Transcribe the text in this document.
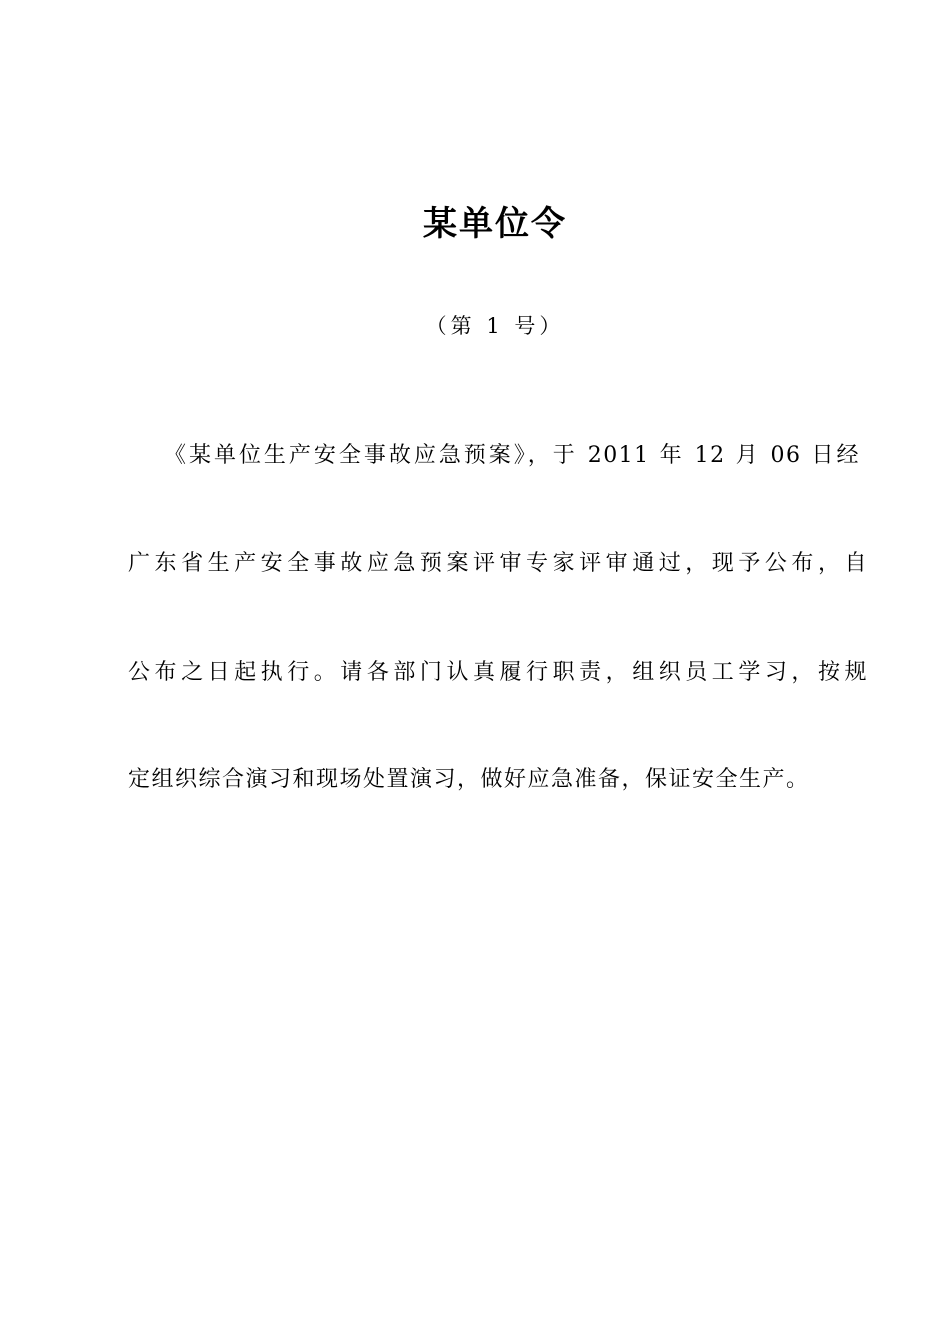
某单位令
（第 1 号）
《某单位生产安全事故应急预案》，于 2011 年 12 月 06 日经
广东省生产安全事故应急预案评审专家评审通过，现予公布，自
公布之日起执行。请各部门认真履行职责，组织员工学习，按规
定组织综合演习和现场处置演习，做好应急准备，保证安全生产。
